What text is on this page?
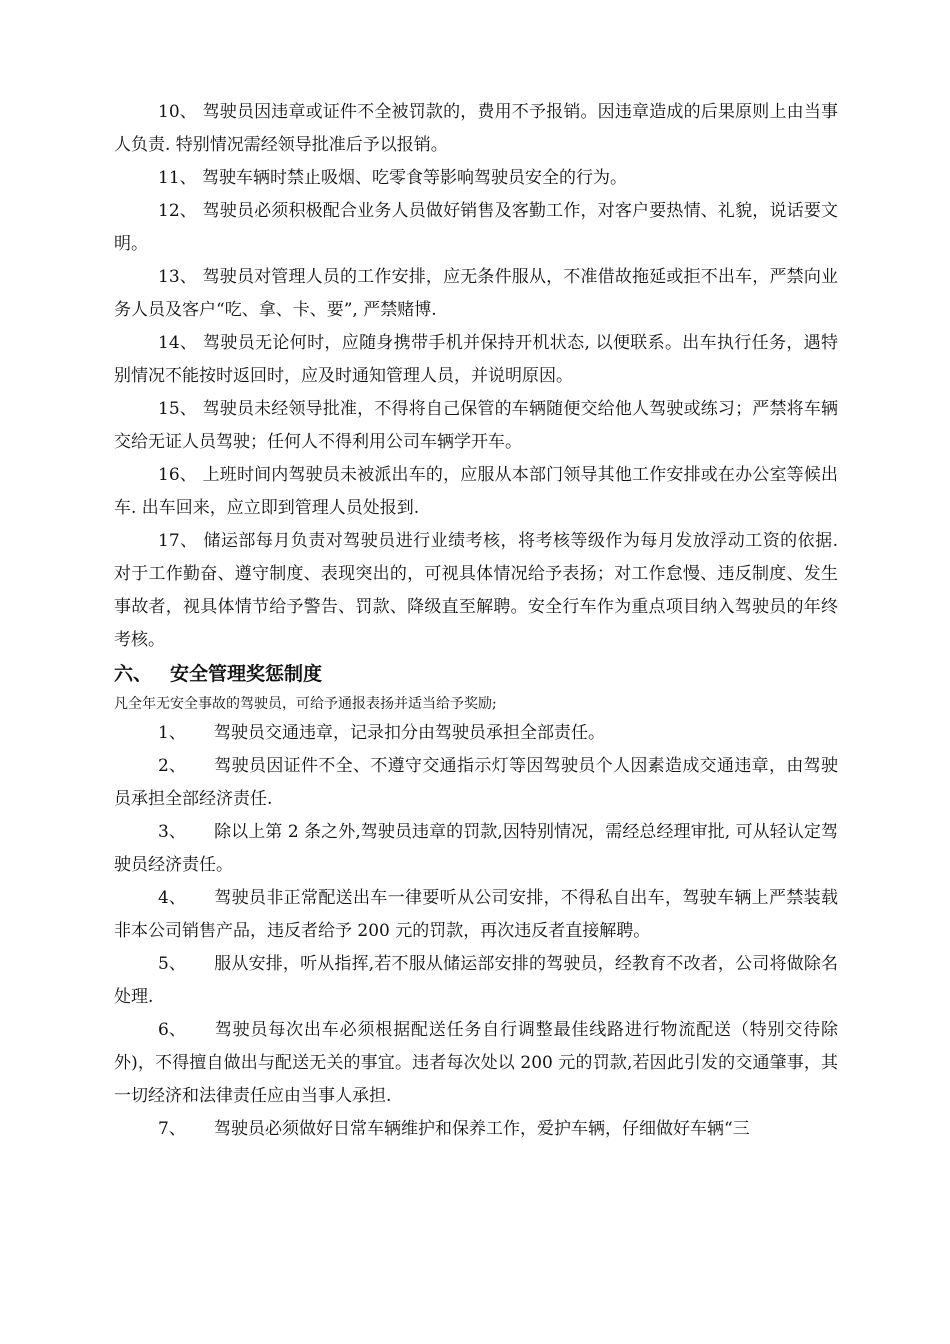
10、 驾驶员因违章或证件不全被罚款的，费用不予报销。因违章造成的后果原则上由当事人负责. 特别情况需经领导批准后予以报销。

11、 驾驶车辆时禁止吸烟、吃零食等影响驾驶员安全的行为。

12、 驾驶员必须积极配合业务人员做好销售及客勤工作，对客户要热情、礼貌，说话要文明。

13、 驾驶员对管理人员的工作安排，应无条件服从，不准借故拖延或拒不出车，严禁向业务人员及客户“吃、拿、卡、要”, 严禁赌博.

14、 驾驶员无论何时，应随身携带手机并保持开机状态, 以便联系。出车执行任务，遇特别情况不能按时返回时，应及时通知管理人员，并说明原因。

15、 驾驶员未经领导批准，不得将自己保管的车辆随便交给他人驾驶或练习；严禁将车辆交给无证人员驾驶；任何人不得利用公司车辆学开车。

16、 上班时间内驾驶员未被派出车的，应服从本部门领导其他工作安排或在办公室等候出车. 出车回来，应立即到管理人员处报到.

17、 储运部每月负责对驾驶员进行业绩考核，将考核等级作为每月发放浮动工资的依据. 对于工作勤奋、遵守制度、表现突出的，可视具体情况给予表扬；对工作怠慢、违反制度、发生事故者，视具体情节给予警告、罚款、降级直至解聘。安全行车作为重点项目纳入驾驶员的年终考核。

六、 安全管理奖惩制度

凡全年无安全事故的驾驶员，可给予通报表扬并适当给予奖励;

1、 驾驶员交通违章，记录扣分由驾驶员承担全部责任。

2、 驾驶员因证件不全、不遵守交通指示灯等因驾驶员个人因素造成交通违章，由驾驶员承担全部经济责任.

3、 除以上第 2 条之外,驾驶员违章的罚款,因特别情况，需经总经理审批, 可从轻认定驾驶员经济责任。

4、 驾驶员非正常配送出车一律要听从公司安排，不得私自出车，驾驶车辆上严禁装载非本公司销售产品，违反者给予 200 元的罚款，再次违反者直接解聘。

5、 服从安排，听从指挥,若不服从储运部安排的驾驶员，经教育不改者，公司将做除名处理.

6、 驾驶员每次出车必须根据配送任务自行调整最佳线路进行物流配送（特别交待除外)，不得擅自做出与配送无关的事宜。违者每次处以 200 元的罚款,若因此引发的交通肇事，其一切经济和法律责任应由当事人承担.

7、 驾驶员必须做好日常车辆维护和保养工作，爱护车辆，仔细做好车辆“三
